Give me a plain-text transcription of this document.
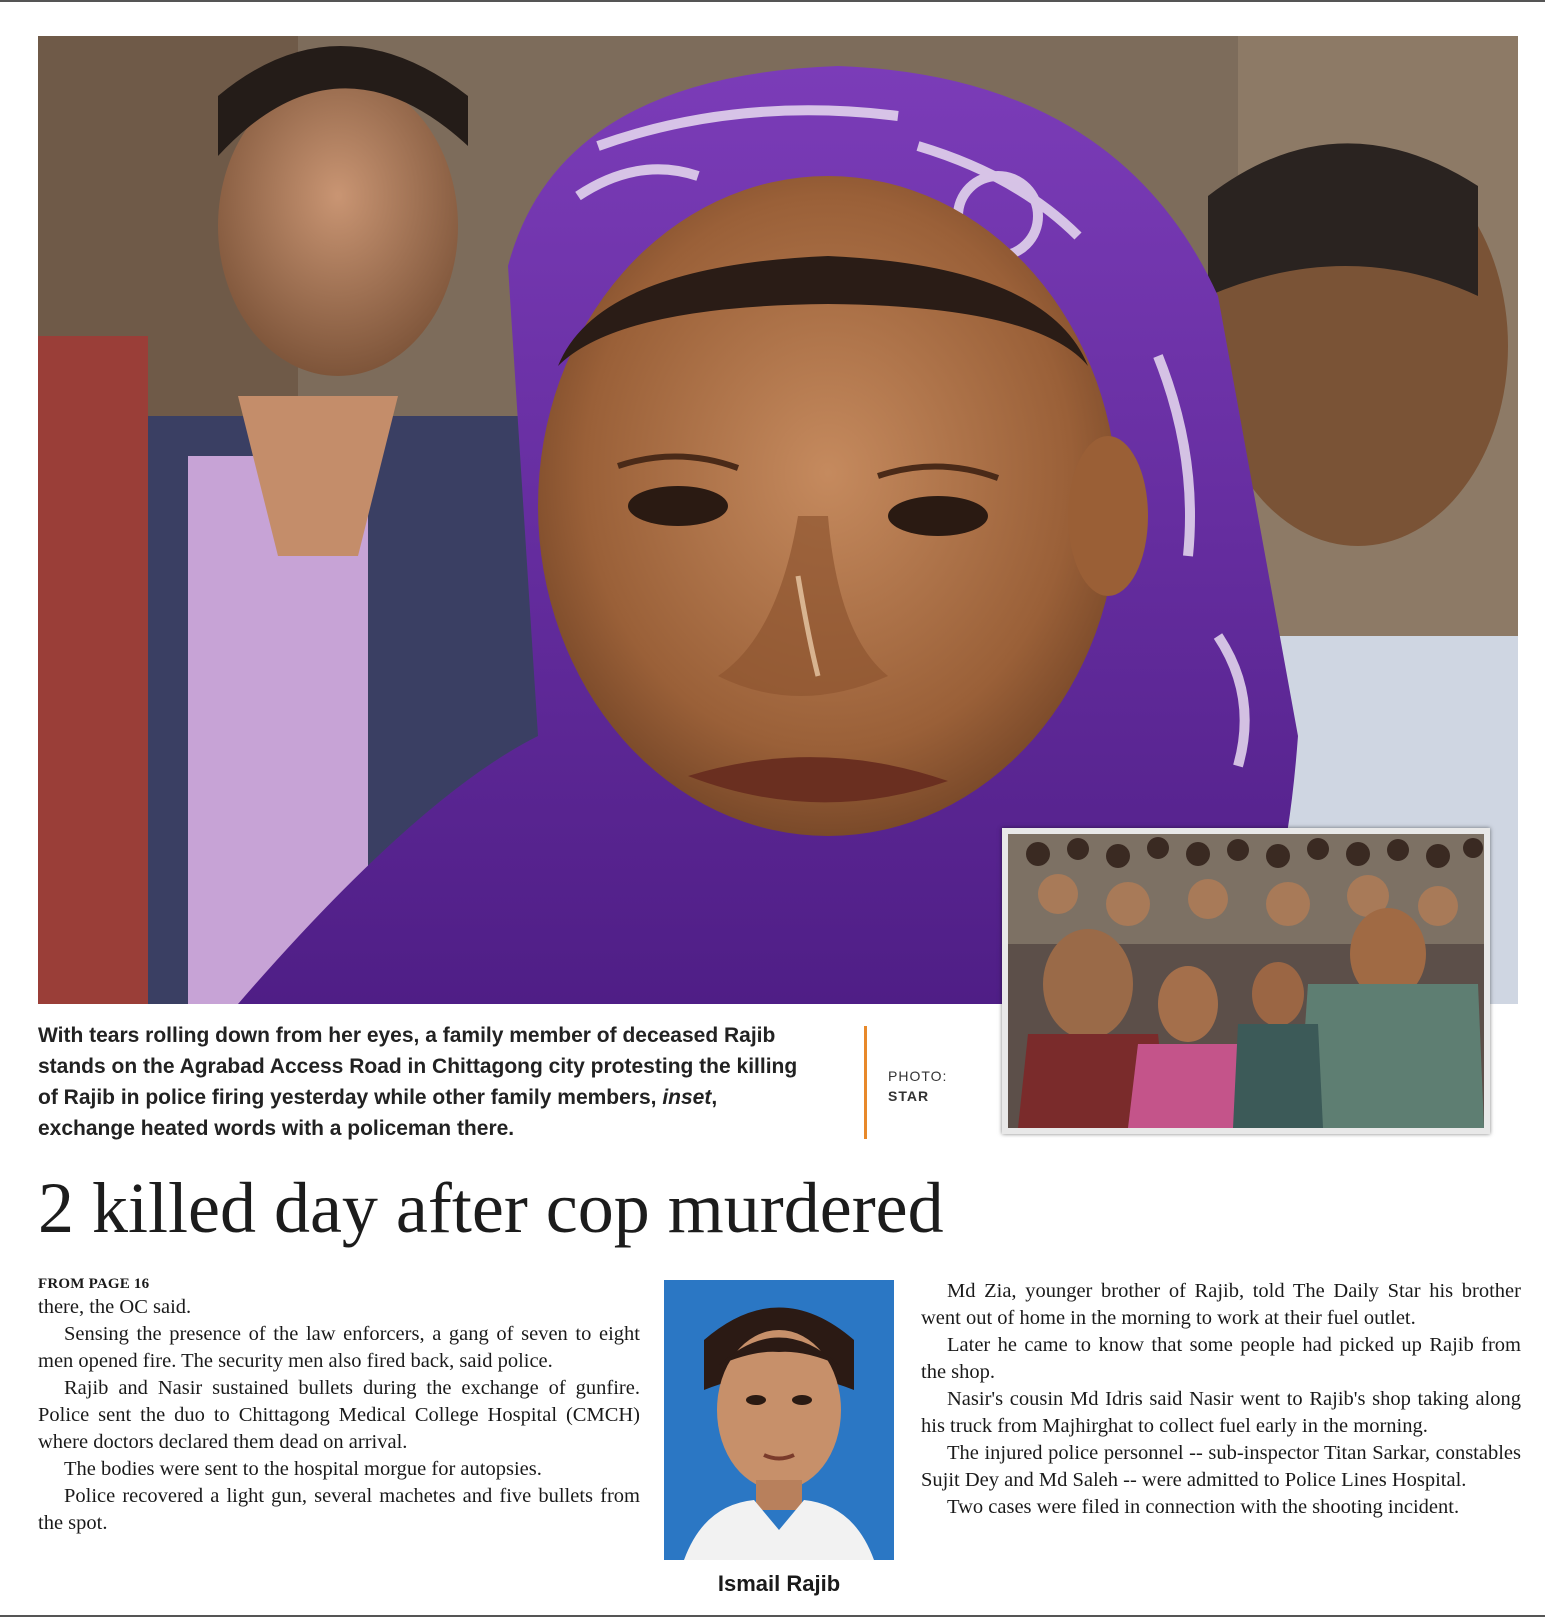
With tears rolling down from her eyes, a family member of deceased Rajib stands on the Agrabad Access Road in Chittagong city protesting the killing of Rajib in police firing yesterday while other family members, inset, exchange heated words with a policeman there.

PHOTO:
STAR
2 killed day after cop murdered
FROM PAGE 16

there, the OC said.

Sensing the presence of the law enforcers, a gang of seven to eight men opened fire. The security men also fired back, said police.

Rajib and Nasir sustained bullets during the exchange of gunfire. Police sent the duo to Chittagong Medical College Hospital (CMCH) where doctors declared them dead on arrival.

The bodies were sent to the hospital morgue for autopsies.

Police recovered a light gun, several machetes and five bullets from the spot.

Ismail Rajib

Md Zia, younger brother of Rajib, told The Daily Star his brother went out of home in the morning to work at their fuel outlet.

Later he came to know that some people had picked up Rajib from the shop.

Nasir's cousin Md Idris said Nasir went to Rajib's shop taking along his truck from Majhirghat to collect fuel early in the morning.

The injured police personnel -- sub-inspector Titan Sarkar, constables Sujit Dey and Md Saleh -- were admitted to Police Lines Hospital.

Two cases were filed in connection with the shooting incident.
